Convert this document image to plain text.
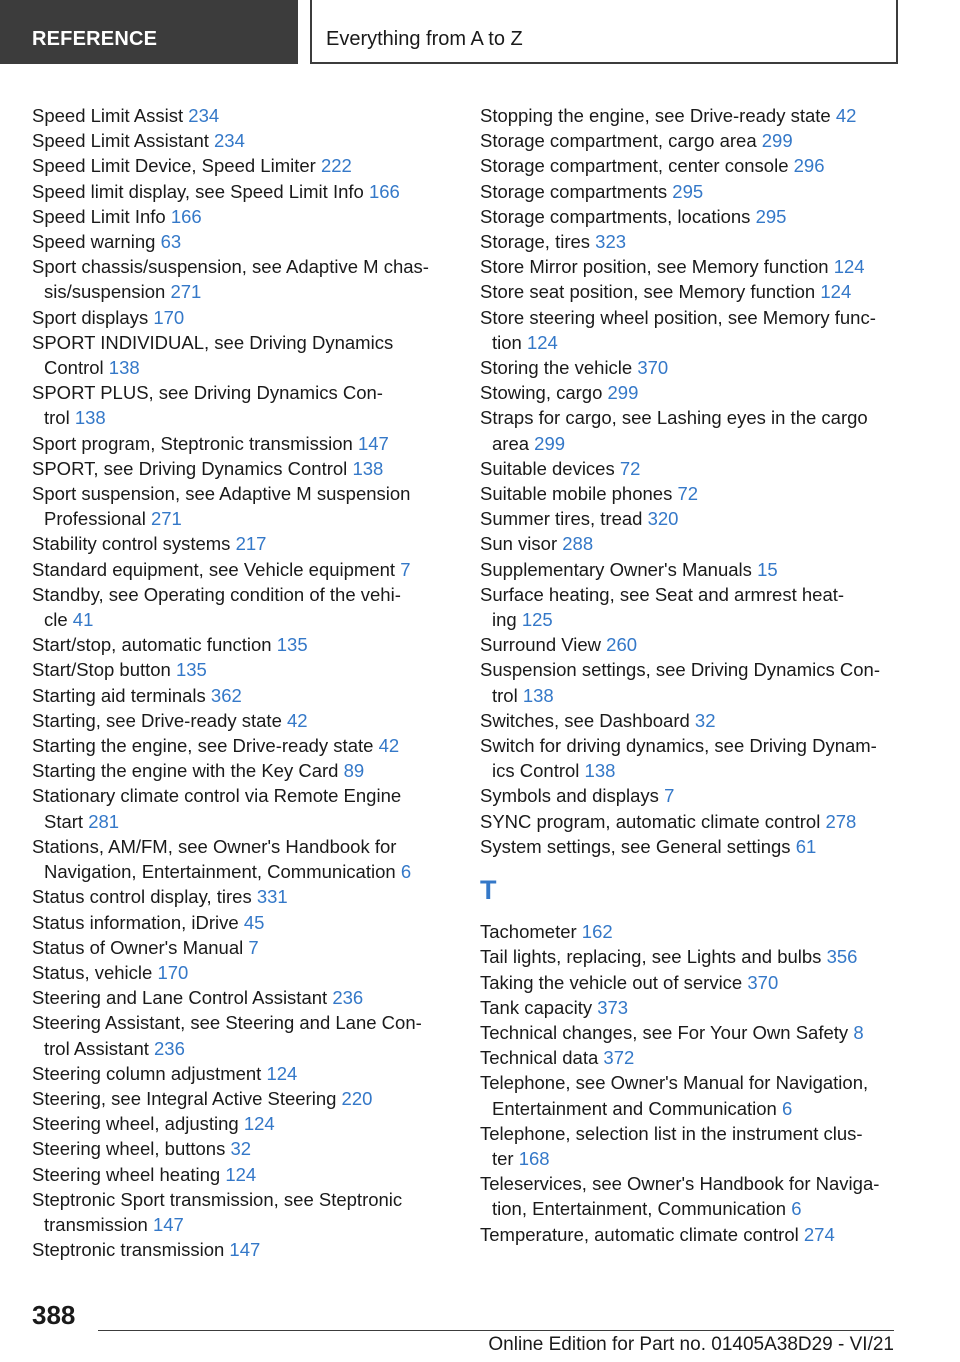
REFERENCE	Everything from A to Z
Speed Limit Assist 234
Speed Limit Assistant 234
Speed Limit Device, Speed Limiter 222
Speed limit display, see Speed Limit Info 166
Speed Limit Info 166
Speed warning 63
Sport chassis/suspension, see Adaptive M chas-
sis/suspension 271
Sport displays 170
SPORT INDIVIDUAL, see Driving Dynamics
Control 138
SPORT PLUS, see Driving Dynamics Con-
trol 138
Sport program, Steptronic transmission 147
SPORT, see Driving Dynamics Control 138
Sport suspension, see Adaptive M suspension
Professional 271
Stability control systems 217
Standard equipment, see Vehicle equipment 7
Standby, see Operating condition of the vehi-
cle 41
Start/stop, automatic function 135
Start/Stop button 135
Starting aid terminals 362
Starting, see Drive-ready state 42
Starting the engine, see Drive-ready state 42
Starting the engine with the Key Card 89
Stationary climate control via Remote Engine
Start 281
Stations, AM/FM, see Owner's Handbook for
Navigation, Entertainment, Communication 6
Status control display, tires 331
Status information, iDrive 45
Status of Owner's Manual 7
Status, vehicle 170
Steering and Lane Control Assistant 236
Steering Assistant, see Steering and Lane Con-
trol Assistant 236
Steering column adjustment 124
Steering, see Integral Active Steering 220
Steering wheel, adjusting 124
Steering wheel, buttons 32
Steering wheel heating 124
Steptronic Sport transmission, see Steptronic
transmission 147
Steptronic transmission 147
Stopping the engine, see Drive-ready state 42
Storage compartment, cargo area 299
Storage compartment, center console 296
Storage compartments 295
Storage compartments, locations 295
Storage, tires 323
Store Mirror position, see Memory function 124
Store seat position, see Memory function 124
Store steering wheel position, see Memory func-
tion 124
Storing the vehicle 370
Stowing, cargo 299
Straps for cargo, see Lashing eyes in the cargo
area 299
Suitable devices 72
Suitable mobile phones 72
Summer tires, tread 320
Sun visor 288
Supplementary Owner's Manuals 15
Surface heating, see Seat and armrest heat-
ing 125
Surround View 260
Suspension settings, see Driving Dynamics Con-
trol 138
Switches, see Dashboard 32
Switch for driving dynamics, see Driving Dynam-
ics Control 138
Symbols and displays 7
SYNC program, automatic climate control 278
System settings, see General settings 61
T
Tachometer 162
Tail lights, replacing, see Lights and bulbs 356
Taking the vehicle out of service 370
Tank capacity 373
Technical changes, see For Your Own Safety 8
Technical data 372
Telephone, see Owner's Manual for Navigation,
Entertainment and Communication 6
Telephone, selection list in the instrument clus-
ter 168
Teleservices, see Owner's Handbook for Naviga-
tion, Entertainment, Communication 6
Temperature, automatic climate control 274
388
Online Edition for Part no. 01405A38D29 - VI/21
